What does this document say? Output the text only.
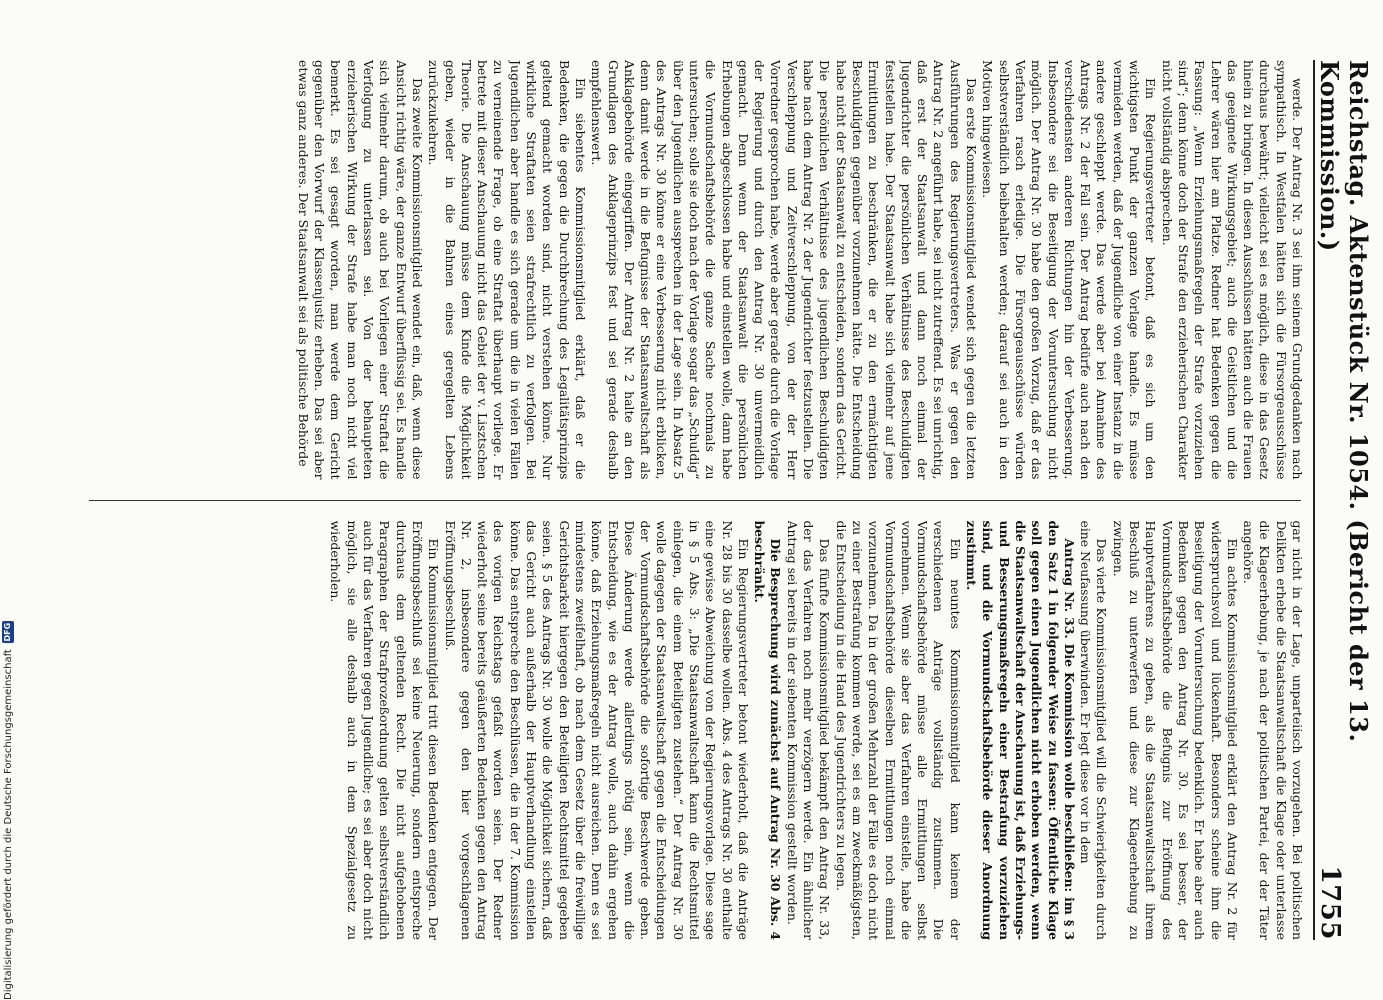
Reichstag. Aktenstück Nr. 1054. (Bericht der 13. Kommission.)
1755

werde. Der Antrag Nr. 3 sei ihm seinem Grundgedanken nach sympathisch. In Westfalen hätten sich die Fürsorgeausschüsse durchaus bewährt; vielleicht sei es möglich, diese in das Gesetz hinein zu bringen. In diesen Ausschüssen hätten auch die Frauen das geeignete Wirkungsgebiet; auch die Geistlichen und die Lehrer wären hier am Platze. Redner hat Bedenken gegen die Fassung: „Wenn Erziehungsmaßregeln der Strafe vorzuziehen sind“; denn könne doch der Strafe den erzieherischen Charakter nicht vollständig absprechen.

Ein Regierungsvertreter betont, daß es sich um den wichtigsten Punkt der ganzen Vorlage handle. Es müsse vermieden werden, daß der Jugendliche von einer Instanz in die andere geschleppt werde. Das werde aber bei Annahme des Antrags Nr. 2 der Fall sein. Der Antrag bedürfe auch nach den verschiedensten anderen Richtungen hin der Verbesserung. Insbesondere sei die Beseitigung der Voruntersuchung nicht möglich. Der Antrag Nr. 30 habe den großen Vorzug, daß er das Verfahren rasch erledige. Die Fürsorgeausschüsse würden selbstverständlich beibehalten werden; darauf sei auch in den Motiven hingewiesen.

Das erste Kommissionsmitglied wendet sich gegen die letzten Ausführungen des Regierungsvertreters. Was er gegen den Antrag Nr. 2 angeführt habe, sei nicht zutreffend. Es sei unrichtig, daß erst der Staatsanwalt und dann noch einmal der Jugendrichter die persönlichen Verhältnisse des Beschuldigten feststellen habe. Der Staatsanwalt habe sich vielmehr auf jene Ermittlungen zu beschränken, die er zu den ermächtigten Beschuldigten gegenüber vorzunehmen hätte. Die Entscheidung habe nicht der Staatsanwalt zu entscheiden, sondern das Gericht. Die persönlichen Verhältnisse des jugendlichen Beschuldigten habe nach dem Antrag Nr. 2 der Jugendrichter festzustellen. Die Verschleppung und Zeitverschleppung, von der der Herr Vorredner gesprochen habe, werde aber gerade durch die Vorlage der Regierung und durch den Antrag Nr. 30 unvermeidlich gemacht. Denn wenn der Staatsanwalt die persönlichen Erhebungen abgeschlossen habe und einstellen wolle, dann habe die Vormundschaftsbehörde die ganze Sache nochmals zu untersuchen; solle sie doch nach der Vorlage sogar das „Schuldig“ über den Jugendlichen aussprechen in der Lage sein. In Absatz 5 des Antrags Nr. 30 könne er eine Verbesserung nicht erblicken, denn damit werde in die Befugnisse der Staatsanwaltschaft als Anklagebehörde eingegriffen. Der Antrag Nr. 2 halte an den Grundlagen des Anklageprinzips fest und sei gerade deshalb empfehlenswert.

Ein siebentes Kommissionsmitglied erklärt, daß er die Bedenken, die gegen die Durchbrechung des Legalitätsprinzips geltend gemacht worden sind, nicht verstehen könne. Nur wirkliche Straftaten seien strafrechtlich zu verfolgen. Bei Jugendlichen aber handle es sich gerade um die in vielen Fällen zu verneinende Frage, ob eine Straftat überhaupt vorliege. Er betrete mit dieser Anschauung nicht das Gebiet der v. Lisztschen Theorie. Die Anschauung müsse dem Kinde die Möglichkeit geben, wieder in die Bahnen eines geregelten Lebens zurückzukehren.

Das zweite Kommissionsmitglied wendet ein, daß, wenn diese Ansicht richtig wäre, der ganze Entwurf überflüssig sei. Es handle sich vielmehr darum, ob auch bei Vorliegen einer Straftat die Verfolgung zu unterlassen sei. Von der behaupteten erzieherischen Wirkung der Strafe habe man noch nicht viel bemerkt. Es sei gesagt worden, man werde dem Gericht gegenüber den Vorwurf der Klassenjustiz erheben. Das sei aber etwas ganz anderes. Der Staatsanwalt sei als politische Behörde

gar nicht in der Lage, unparteiisch vorzugehen. Bei politischen Delikten erhebe die Staatsanwaltschaft die Klage oder unterlasse die Klageerhebung, je nach der politischen Partei, der der Täter angehöre.

Ein achtes Kommissionsmitglied erklärt den Antrag Nr. 2 für widerspruchsvoll und lückenhaft. Besonders scheine ihm die Beseitigung der Voruntersuchung bedenklich. Er habe aber auch Bedenken gegen den Antrag Nr. 30. Es sei besser, der Vormundschaftsbehörde die Befugnis zur Eröffnung des Hauptverfahrens zu geben, als die Staatsanwaltschaft ihrem Beschluß zu unterwerfen und diese zur Klageerhebung zu zwingen.

Das vierte Kommissionsmitglied will die Schwierigkeiten durch eine Neufassung überwinden. Er legt diese vor in dem

Antrag Nr. 33. Die Kommission wolle beschließen: im § 3 den Satz 1 in folgender Weise zu fassen: Öffentliche Klage soll gegen einen Jugendlichen nicht erhoben werden, wenn die Staatsanwaltschaft der Anschauung ist, daß Erziehungs- und Besserungsmaßregeln einer Bestrafung vorzuziehen sind, und die Vormundschaftsbehörde dieser Anordnung zustimmt.

Ein neuntes Kommissionsmitglied kann keinem der verschiedenen Anträge vollständig zustimmen. Die Vormundschaftsbehörde müsse alle Ermittlungen selbst vornehmen. Wenn sie aber das Verfahren einstelle, habe die Vormundschaftsbehörde dieselben Ermittlungen noch einmal vorzunehmen. Da in der großen Mehrzahl der Fälle es doch nicht zu einer Bestrafung kommen werde, sei es am zweckmäßigsten, die Entscheidung in die Hand des Jugendrichters zu legen.

Das fünfte Kommissionsmitglied bekämpft den Antrag Nr. 33, der das Verfahren noch mehr verzögern werde. Ein ähnlicher Antrag sei bereits in der siebenten Kommission gestellt worden.

Die Besprechung wird zunächst auf Antrag Nr. 30 Abs. 4 beschränkt.

Ein Regierungsvertreter betont wiederholt, daß die Anträge Nr. 28 bis 30 dasselbe wollen. Abs. 4 des Antrags Nr. 30 enthalte eine gewisse Abweichung von der Regierungsvorlage. Diese sage in § 5 Abs. 3: „Die Staatsanwaltschaft kann die Rechtsmittel einlegen, die einem Beteiligten zustehen.“ Der Antrag Nr. 30 wolle dagegen der Staatsanwaltschaft gegen die Entscheidungen der Vormundschaftsbehörde die sofortige Beschwerde geben. Diese Änderung werde allerdings nötig sein, wenn die Entscheidung, wie es der Antrag wolle, auch dahin ergehen könne, daß Erziehungsmaßregeln nicht ausreichen. Denn es sei mindestens zweifelhaft, ob nach dem Gesetz über die freiwillige Gerichtsbarkeit hiergegen den Beteiligten Rechtsmittel gegeben seien. § 5 des Antrags Nr. 30 wolle die Möglichkeit sichern, daß das Gericht auch außerhalb der Hauptverhandlung einstellen könne. Das entspreche den Beschlüssen, die in der 7. Kommission des vorigen Reichstags gefaßt worden seien. Der Redner wiederholt seine bereits geäußerten Bedenken gegen den Antrag Nr. 2, insbesondere gegen den hier vorgeschlagenen Eröffnungsbeschluß.

Ein Kommissionsmitglied tritt diesen Bedenken entgegen. Der Eröffnungsbeschluß sei keine Neuerung, sondern entspreche durchaus dem geltenden Recht. Die nicht aufgehobenen Paragraphen der Strafprozeßordnung gelten selbstverständlich auch für das Verfahren gegen Jugendliche; es sei aber doch nicht möglich, sie alle deshalb auch in dem Spezialgesetz zu wiederholen.

Digitalisierung gefördert durch die Deutsche Forschungsgemeinschaft
DFG
